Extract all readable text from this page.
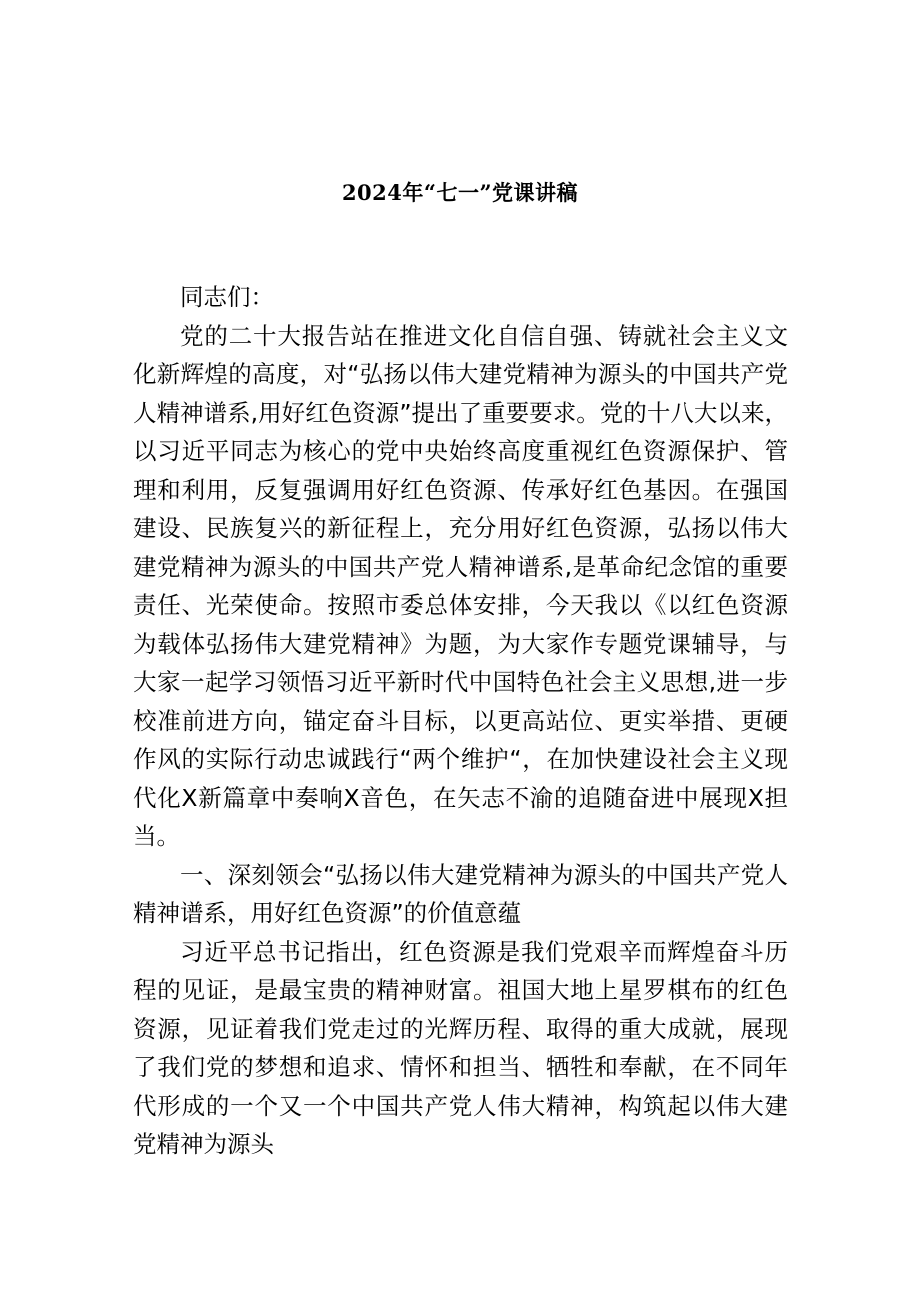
2024年“七一”党课讲稿

同志们：

党的二十大报告站在推进文化自信自强、铸就社会主义文化新辉煌的高度，对“弘扬以伟大建党精神为源头的中国共产党人精神谱系,用好红色资源”提出了重要要求。党的十八大以来，以习近平同志为核心的党中央始终高度重视红色资源保护、管理和利用，反复强调用好红色资源、传承好红色基因。在强国建设、民族复兴的新征程上，充分用好红色资源，弘扬以伟大建党精神为源头的中国共产党人精神谱系,是革命纪念馆的重要责任、光荣使命。按照市委总体安排，今天我以《以红色资源为载体弘扬伟大建党精神》为题，为大家作专题党课辅导，与大家一起学习领悟习近平新时代中国特色社会主义思想,进一步校准前进方向，锚定奋斗目标，以更高站位、更实举措、更硬作风的实际行动忠诚践行“两个维护“，在加快建设社会主义现代化X新篇章中奏响X音色，在矢志不渝的追随奋进中展现X担当。

一、深刻领会“弘扬以伟大建党精神为源头的中国共产党人精神谱系，用好红色资源”的价值意蕴

习近平总书记指出，红色资源是我们党艰辛而辉煌奋斗历程的见证，是最宝贵的精神财富。祖国大地上星罗棋布的红色资源，见证着我们党走过的光辉历程、取得的重大成就，展现了我们党的梦想和追求、情怀和担当、牺牲和奉献，在不同年代形成的一个又一个中国共产党人伟大精神，构筑起以伟大建党精神为源头
